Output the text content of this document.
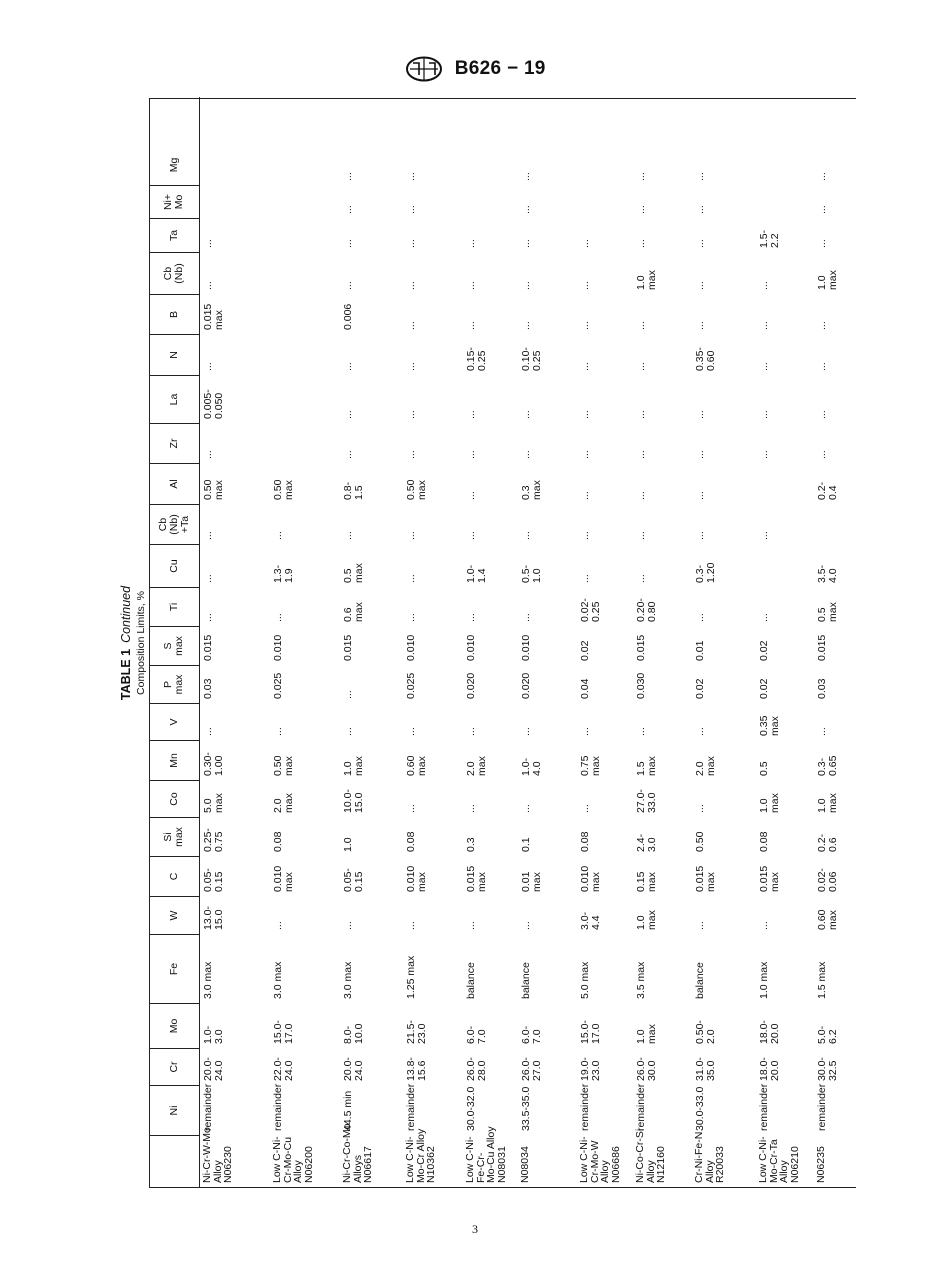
B626 − 19
TABLE 1Continued Composition Limits, %
Ni
Cr
Mo
Fe
W
C
Si max
Co
Mn
V
P max
S max
Ti
Cu
Cb (Nb) +Ta
Al
Zr
La
N
B
Cb (Nb)
Ta
Ni+ Mo
Mg
Ni-Cr-W-Mo
Alloy
N06230
remainder
20.0- 24.0
1.0- 3.0
3.0 max
13.0- 15.0
0.05- 0.15
0.25- 0.75
5.0 max
0.30- 1.00
...
0.03
0.015
...
...
...
0.50 max
...
0.005- 0.050
...
0.015 max
...
...
Low C-Ni-
Cr-Mo-Cu
Alloy
N06200
remainder
22.0- 24.0
15.0- 17.0
3.0 max
...
0.010 max
0.08
2.0 max
0.50 max
...
0.025
0.010
...
1.3- 1.9
...
0.50 max
Ni-Cr-Co-Mo
Alloys
N06617
44.5 min
20.0- 24.0
8.0- 10.0
3.0 max
...
0.05- 0.15
1.0
10.0- 15.0
1.0 max
...
...
0.015
0.6 max
0.5 max
...
0.8- 1.5
...
...
...
0.006
...
...
...
...
Low C-Ni-
Mo-Cr Alloy
N10362
remainder
13.8- 15.6
21.5- 23.0
1.25 max
...
0.010 max
0.08
...
0.60 max
...
0.025
0.010
...
...
...
0.50 max
...
...
...
...
...
...
...
...
Low C-Ni-
Fe-Cr-
Mo-Cu Alloy
N08031
30.0-32.0
26.0- 28.0
6.0- 7.0
balance
...
0.015 max
0.3
...
2.0 max
...
0.020
0.010
...
1.0- 1.4
...
...
...
...
0.15- 0.25
...
...
...
N08034
33.5-35.0
26.0- 27.0
6.0- 7.0
balance
...
0.01 max
0.1
...
1.0- 4.0
...
0.020
0.010
...
0.5- 1.0
...
0.3 max
...
...
0.10- 0.25
...
...
...
...
...
Low C-Ni-
Cr-Mo-W
Alloy
N06686
remainder
19.0- 23.0
15.0- 17.0
5.0 max
3.0- 4.4
0.010 max
0.08
...
0.75 max
...
0.04
0.02
0.02- 0.25
...
...
...
...
...
...
...
...
...
Ni-Co-Cr-Si
Alloy
N12160
remainder
26.0- 30.0
1.0 max
3.5 max
1.0 max
0.15 max
2.4- 3.0
27.0- 33.0
1.5 max
...
0.030
0.015
0.20- 0.80
...
...
...
...
...
...
...
1.0 max
...
...
...
Cr-Ni-Fe-N
Alloy
R20033
30.0-33.0
31.0- 35.0
0.50- 2.0
balance
...
0.015 max
0.50
...
2.0 max
...
0.02
0.01
...
0.3- 1.20
...
...
...
...
0.35- 0.60
...
...
...
...
...
Low C-Ni-
Mo-Cr-Ta
Alloy
N06210
remainder
18.0- 20.0
18.0- 20.0
1.0 max
...
0.015 max
0.08
1.0 max
0.5
0.35 max
0.02
0.02
...
...
...
...
...
...
...
1.5- 2.2
N06235
remainder
30.0- 32.5
5.0- 6.2
1.5 max
0.60 max
0.02- 0.06
0.2- 0.6
1.0 max
0.3- 0.65
...
0.03
0.015
0.5 max
3.5- 4.0
0.2- 0.4
...
...
...
...
1.0 max
...
...
...
3
